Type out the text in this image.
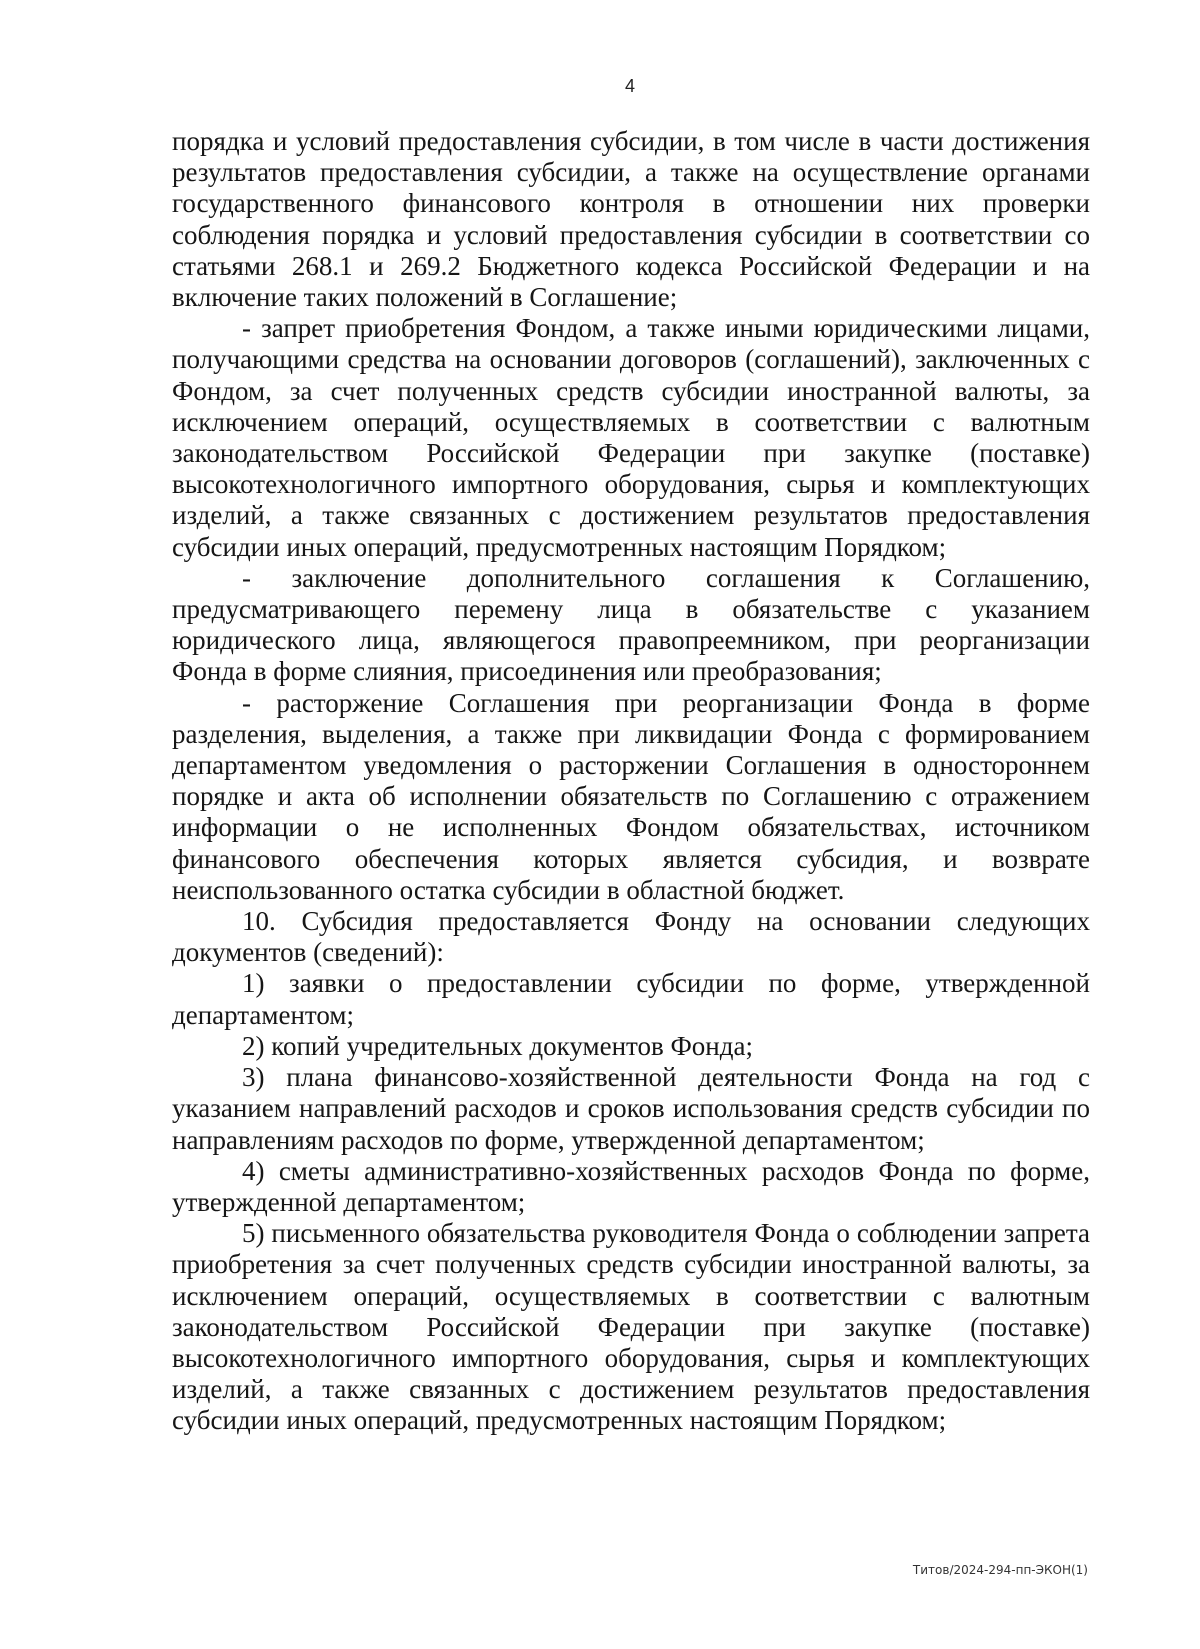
4

порядка и условий предоставления субсидии, в том числе в части достижения результатов предоставления субсидии, а также на осуществление органами государственного финансового контроля в отношении них проверки соблюдения порядка и условий предоставления субсидии в соответствии со статьями 268.1 и 269.2 Бюджетного кодекса Российской Федерации и на включение таких положений в Соглашение;

- запрет приобретения Фондом, а также иными юридическими лицами, получающими средства на основании договоров (соглашений), заключенных с Фондом, за счет полученных средств субсидии иностранной валюты, за исключением операций, осуществляемых в соответствии с валютным законодательством Российской Федерации при закупке (поставке) высокотехнологичного импортного оборудования, сырья и комплектующих изделий, а также связанных с достижением результатов предоставления субсидии иных операций, предусмотренных настоящим Порядком;

- заключение дополнительного соглашения к Соглашению, предусматривающего перемену лица в обязательстве с указанием юридического лица, являющегося правопреемником, при реорганизации Фонда в форме слияния, присоединения или преобразования;

- расторжение Соглашения при реорганизации Фонда в форме разделения, выделения, а также при ликвидации Фонда с формированием департаментом уведомления о расторжении Соглашения в одностороннем порядке и акта об исполнении обязательств по Соглашению с отражением информации о не исполненных Фондом обязательствах, источником финансового обеспечения которых является субсидия, и возврате неиспользованного остатка субсидии в областной бюджет.

10. Субсидия предоставляется Фонду на основании следующих документов (сведений):

1) заявки о предоставлении субсидии по форме, утвержденной департаментом;

2) копий учредительных документов Фонда;

3) плана финансово-хозяйственной деятельности Фонда на год с указанием направлений расходов и сроков использования средств субсидии по направлениям расходов по форме, утвержденной департаментом;

4) сметы административно-хозяйственных расходов Фонда по форме, утвержденной департаментом;

5) письменного обязательства руководителя Фонда о соблюдении запрета приобретения за счет полученных средств субсидии иностранной валюты, за исключением операций, осуществляемых в соответствии с валютным законодательством Российской Федерации при закупке (поставке) высокотехнологичного импортного оборудования, сырья и комплектующих изделий, а также связанных с достижением результатов предоставления субсидии иных операций, предусмотренных настоящим Порядком;

Титов/2024-294-пп-ЭКОН(1)
